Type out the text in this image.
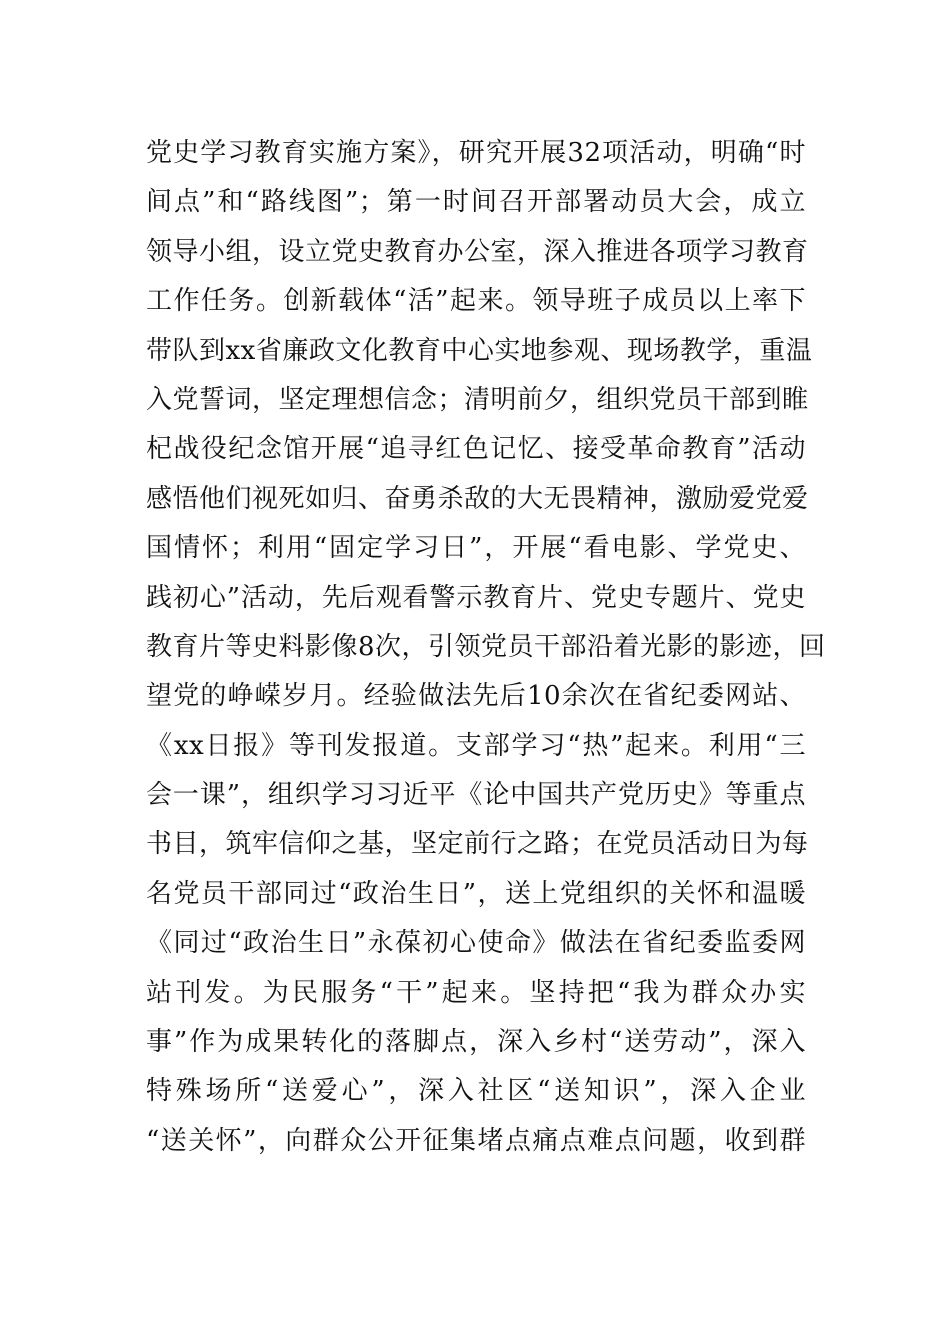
党史学习教育实施方案》，研究开展32项活动，明确“时
间点”和“路线图”；第一时间召开部署动员大会，成立
领导小组，设立党史教育办公室，深入推进各项学习教育
工作任务。创新载体“活”起来。领导班子成员以上率下
带队到xx省廉政文化教育中心实地参观、现场教学，重温
入党誓词，坚定理想信念；清明前夕，组织党员干部到睢
杞战役纪念馆开展“追寻红色记忆、接受革命教育”活动
感悟他们视死如归、奋勇杀敌的大无畏精神，激励爱党爱
国情怀；利用“固定学习日”，开展“看电影、学党史、
践初心”活动，先后观看警示教育片、党史专题片、党史
教育片等史料影像8次，引领党员干部沿着光影的影迹，回
望党的峥嵘岁月。经验做法先后10余次在省纪委网站、
《xx日报》等刊发报道。支部学习“热”起来。利用“三
会一课”，组织学习习近平《论中国共产党历史》等重点
书目，筑牢信仰之基，坚定前行之路；在党员活动日为每
名党员干部同过“政治生日”，送上党组织的关怀和温暖
《同过“政治生日”永葆初心使命》做法在省纪委监委网
站刊发。为民服务“干”起来。坚持把“我为群众办实
事”作为成果转化的落脚点，深入乡村“送劳动”，深入
特殊场所“送爱心”，深入社区“送知识”，深入企业
“送关怀”，向群众公开征集堵点痛点难点问题，收到群
